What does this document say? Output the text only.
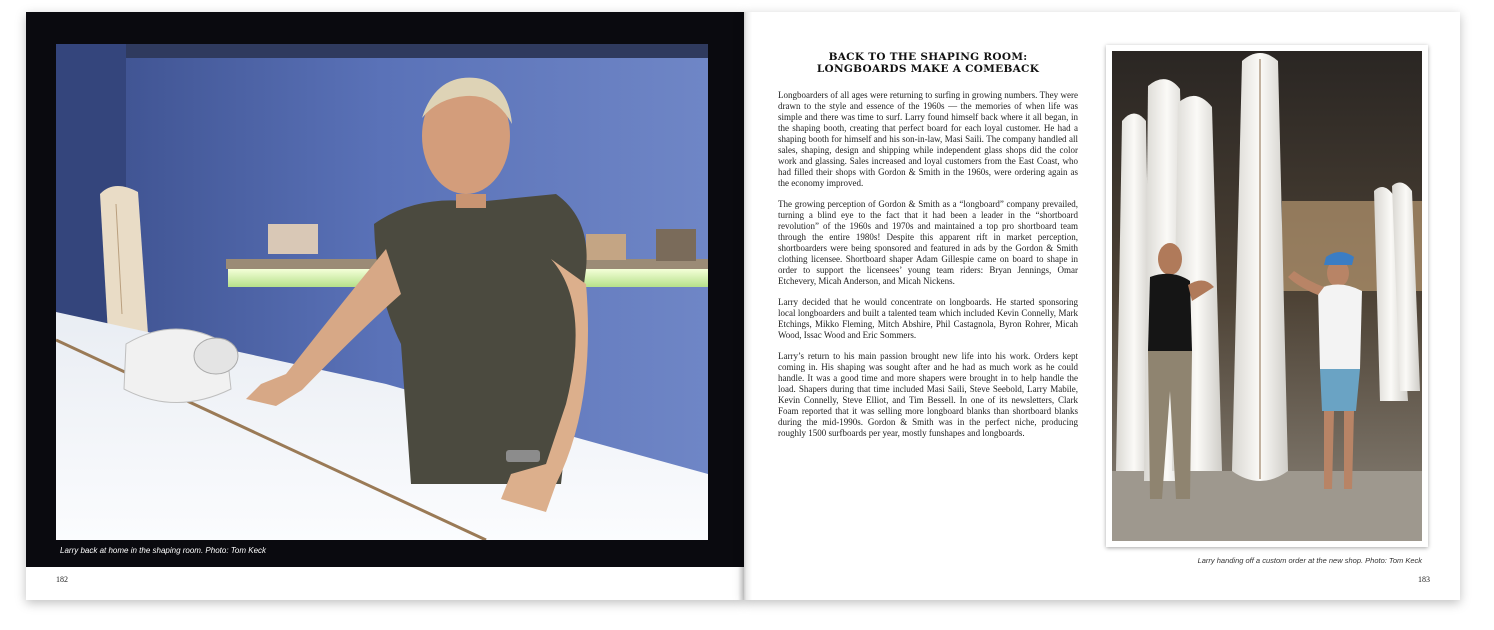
Larry back at home in the shaping room. Photo: Tom Keck
182
BACK TO THE SHAPING ROOM:
LONGBOARDS MAKE A COMEBACK

Longboarders of all ages were returning to surfing in growing numbers. They were drawn to the style and essence of the 1960s — the memories of when life was simple and there was time to surf. Larry found himself back where it all began, in the shaping booth, creating that perfect board for each loyal customer. He had a shaping booth for himself and his son-in-law, Masi Saili. The company handled all sales, shaping, design and shipping while independent glass shops did the color work and glassing. Sales increased and loyal customers from the East Coast, who had filled their shops with Gordon & Smith in the 1960s, were ordering again as the economy improved.

The growing perception of Gordon & Smith as a “longboard” company prevailed, turning a blind eye to the fact that it had been a leader in the “shortboard revolution” of the 1960s and 1970s and maintained a top pro shortboard team through the entire 1980s! Despite this apparent rift in market perception, shortboarders were being sponsored and featured in ads by the Gordon & Smith clothing licensee. Shortboard shaper Adam Gillespie came on board to shape in order to support the licensees’ young team riders: Bryan Jennings, Omar Etchevery, Micah Anderson, and Micah Nickens.

Larry decided that he would concentrate on longboards. He started sponsoring local longboarders and built a talented team which included Kevin Connelly, Mark Etchings, Mikko Fleming, Mitch Abshire, Phil Castagnola, Byron Rohrer, Micah Wood, Issac Wood and Eric Sommers.

Larry’s return to his main passion brought new life into his work. Orders kept coming in. His shaping was sought after and he had as much work as he could handle. It was a good time and more shapers were brought in to help handle the load. Shapers during that time included Masi Saili, Steve Seebold, Larry Mabile, Kevin Connelly, Steve Elliot, and Tim Bessell. In one of its newsletters, Clark Foam reported that it was selling more longboard blanks than shortboard blanks during the mid-1990s. Gordon & Smith was in the perfect niche, producing roughly 1500 surfboards per year, mostly funshapes and longboards.

Larry handing off a custom order at the new shop. Photo: Tom Keck
183
